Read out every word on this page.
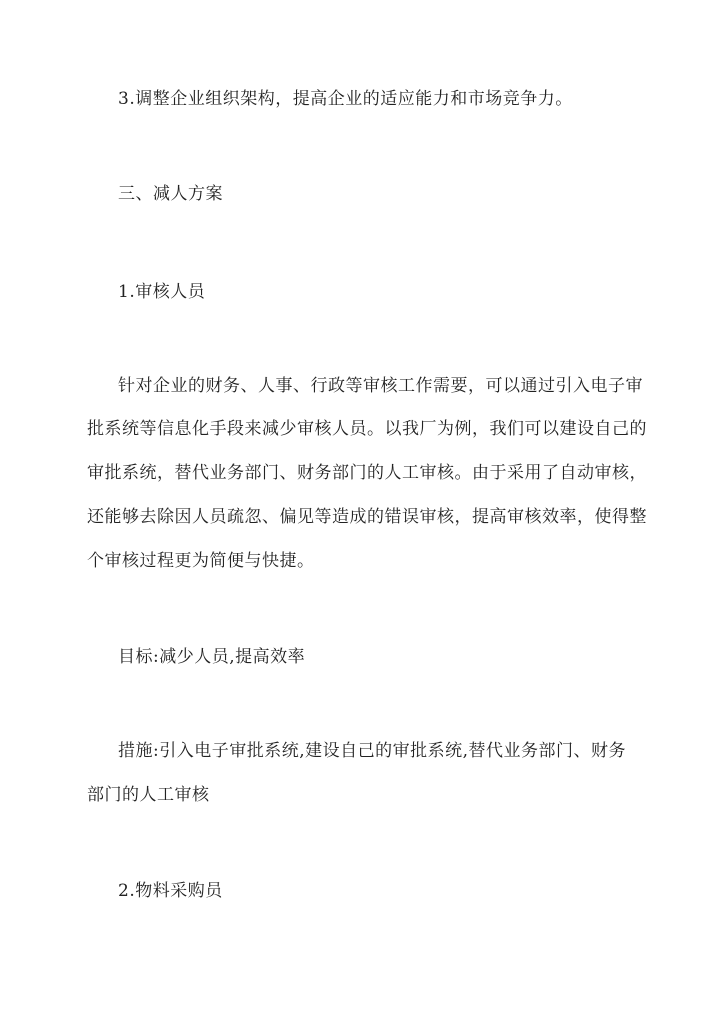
3.调整企业组织架构，提高企业的适应能力和市场竞争力。
三、减人方案
1.审核人员
针对企业的财务、人事、行政等审核工作需要，可以通过引入电子审
批系统等信息化手段来减少审核人员。以我厂为例，我们可以建设自己的
审批系统，替代业务部门、财务部门的人工审核。由于采用了自动审核，
还能够去除因人员疏忽、偏见等造成的错误审核，提高审核效率，使得整
个审核过程更为简便与快捷。
目标:减少人员,提高效率
措施:引入电子审批系统,建设自己的审批系统,替代业务部门、财务
部门的人工审核
2.物料采购员
